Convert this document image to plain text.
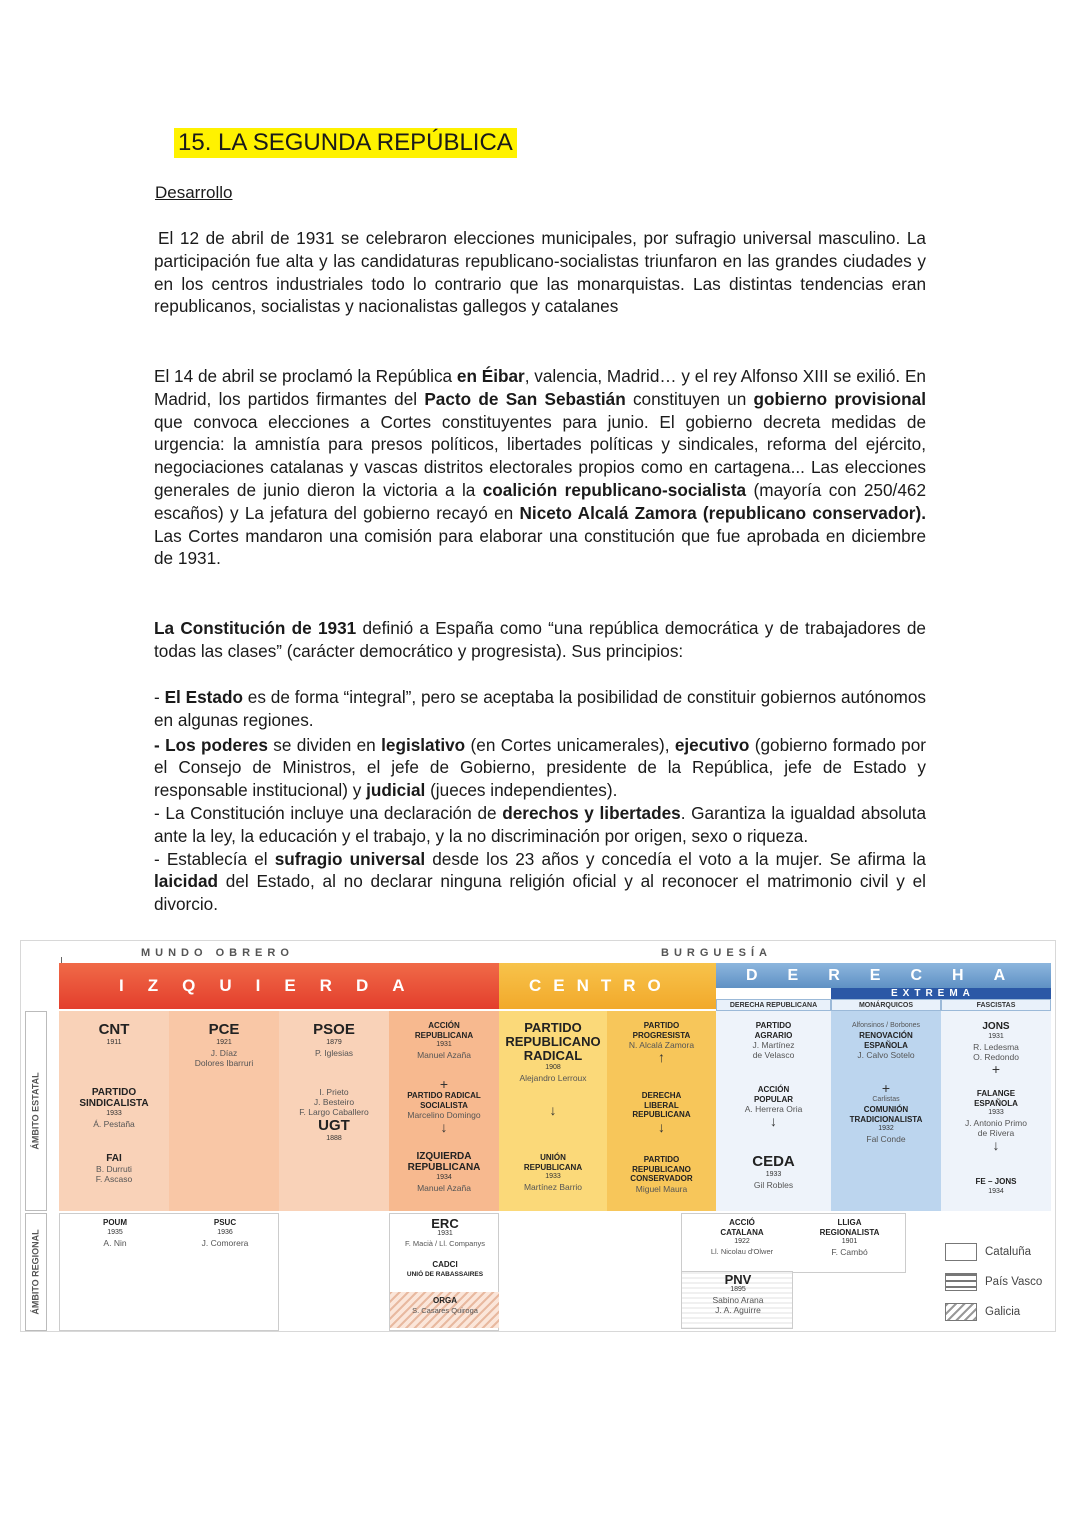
15. LA SEGUNDA REPÚBLICA
Desarrollo

El 12 de abril de 1931 se celebraron elecciones municipales, por sufragio universal masculino. La participación fue alta y las candidaturas republicano-socialistas triunfaron en las grandes ciudades y en los centros industriales todo lo contrario que las monarquistas. Las distintas tendencias eran republicanos, socialistas y nacionalistas gallegos y catalanes

El 14 de abril se proclamó la República en Éibar, valencia, Madrid… y el rey Alfonso XIII se exilió. En Madrid, los partidos firmantes del Pacto de San Sebastián constituyen un gobierno provisional que convoca elecciones a Cortes constituyentes para junio. El gobierno decreta medidas de urgencia: la amnistía para presos políticos, libertades políticas y sindicales, reforma del ejército, negociaciones catalanas y vascas distritos electorales propios como en cartagena... Las elecciones generales de junio dieron la victoria a la coalición republicano-socialista (mayoría con 250/462 escaños) y La jefatura del gobierno recayó en Niceto Alcalá Zamora (republicano conservador). Las Cortes mandaron una comisión para elaborar una constitución que fue aprobada en diciembre de 1931.

La Constitución de 1931 definió a España como “una república democrática y de trabajadores de todas las clases” (carácter democrático y progresista). Sus principios:

- El Estado es de forma “integral”, pero se aceptaba la posibilidad de constituir gobiernos autónomos en algunas regiones.

- Los poderes se dividen en legislativo (en Cortes unicamerales), ejecutivo (gobierno formado por el Consejo de Ministros, el jefe de Gobierno, presidente de la República, jefe de Estado y responsable institucional) y judicial (jueces independientes).

- La Constitución incluye una declaración de derechos y libertades. Garantiza la igualdad absoluta ante la ley, la educación y el trabajo, y la no discriminación por origen, sexo o riqueza.

- Establecía el sufragio universal desde los 23 años y concedía el voto a la mujer. Se afirma la laicidad del Estado, al no declarar ninguna religión oficial y al reconocer el matrimonio civil y el divorcio.

MUNDO OBRERO	BURGUESÍA
IZQUIERDA	CENTRO
DERECHA
EXTREMA
DERECHA REPUBLICANA	MONÁRQUICOS	FASCISTAS
ÁMBITO ESTATAL
ÁMBITO REGIONAL
CNT
1911
PARTIDO
SINDICALISTA
1933
Á. Pestaña
FAI
B. Durruti
F. Ascaso
PCE
1921
J. Díaz
Dolores Ibarruri
PSOE
1879
P. Iglesias
I. Prieto
J. Besteiro
F. Largo Caballero
UGT
1888
ACCIÓN
REPUBLICANA
1931
Manuel Azaña
+
PARTIDO RADICAL
SOCIALISTA
Marcelino Domingo
↓
IZQUIERDA
REPUBLICANA
1934
Manuel Azaña
PARTIDO
REPUBLICANO
RADICAL
1908
Alejandro Lerroux
↓
UNIÓN
REPUBLICANA
1933
Martínez Barrio
PARTIDO
PROGRESISTA
N. Alcalá Zamora
↑
DERECHA
LIBERAL
REPUBLICANA
↓
PARTIDO
REPUBLICANO
CONSERVADOR
Miguel Maura
PARTIDO
AGRARIO
J. Martínez
de Velasco
ACCIÓN
POPULAR
A. Herrera Oria
↓
CEDA
1933
Gil Robles
Alfonsinos / Borbones
RENOVACIÓN
ESPAÑOLA
J. Calvo Sotelo
+
Carlistas
COMUNIÓN
TRADICIONALISTA
1932
Fal Conde
JONS
1931
R. Ledesma
O. Redondo
+
FALANGE
ESPAÑOLA
1933
J. Antonio Primo
de Rivera
↓
FE – JONS
1934
POUM
1935
A. Nin
PSUC
1936
J. Comorera
ERC
1931
F. Macià / Ll. Companys
CADCI
UNIÓ DE RABASSAIRES
ORGA
S. Casares Quiroga
ACCIÓ
CATALANA
1922
Ll. Nicolau d'Olwer
LLIGA
REGIONALISTA
1901
F. Cambó
PNV
1895
Sabino Arana
J. A. Aguirre
Cataluña
País Vasco
Galicia
